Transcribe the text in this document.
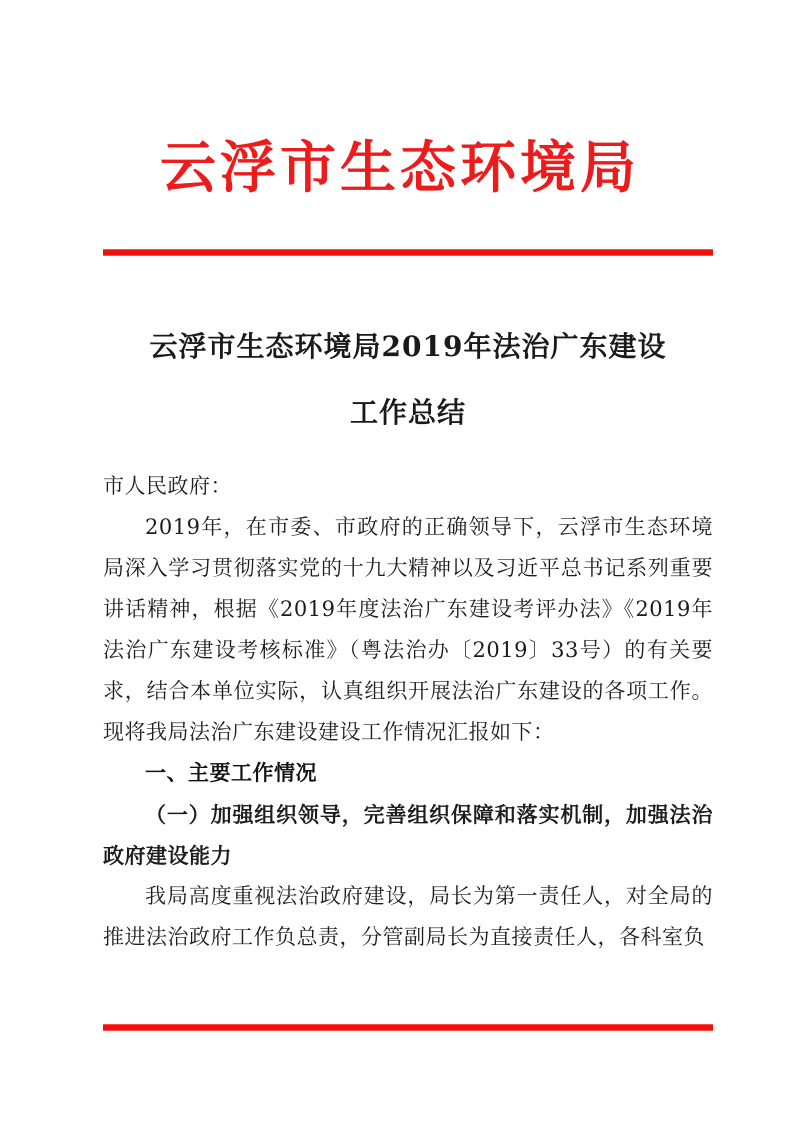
云浮市生态环境局
云浮市生态环境局2019年法治广东建设
工作总结

市人民政府：

2019年，在市委、市政府的正确领导下，云浮市生态环境局深入学习贯彻落实党的十九大精神以及习近平总书记系列重要讲话精神，根据《2019年度法治广东建设考评办法》《2019年法治广东建设考核标准》（粤法治办〔2019〕33号）的有关要求，结合本单位实际，认真组织开展法治广东建设的各项工作。现将我局法治广东建设建设工作情况汇报如下：

一、主要工作情况

（一）加强组织领导，完善组织保障和落实机制，加强法治政府建设能力

我局高度重视法治政府建设，局长为第一责任人，对全局的推进法治政府工作负总责，分管副局长为直接责任人，各科室负
